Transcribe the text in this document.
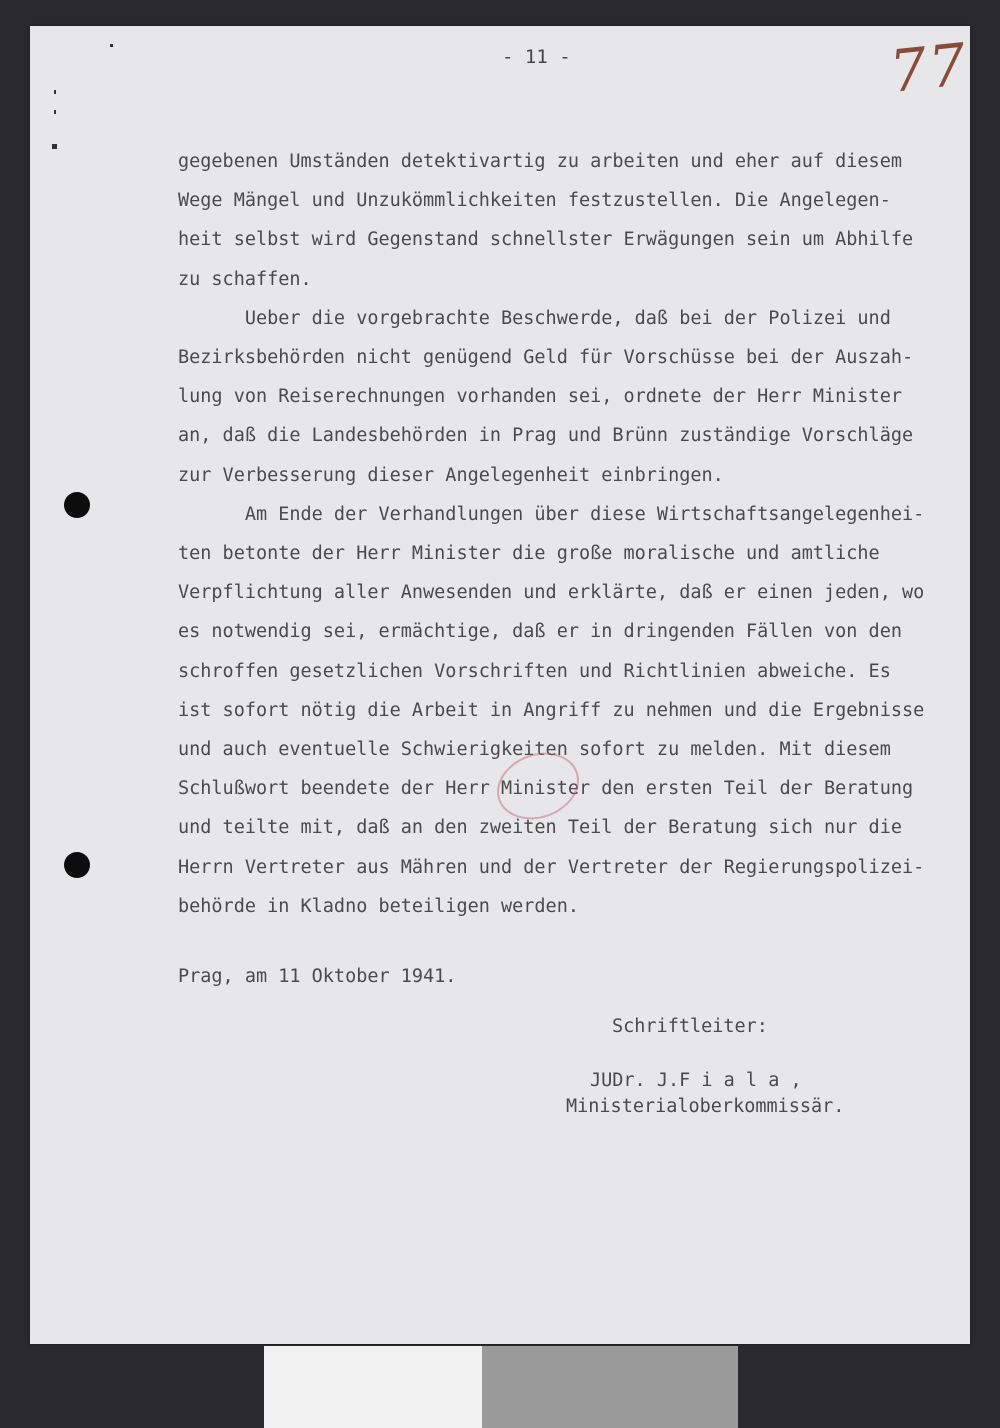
- 11 -	77
gegebenen Umständen detektivartig zu arbeiten und eher auf diesem
Wege Mängel und Unzukömmlichkeiten festzustellen. Die Angelegen-
heit selbst wird Gegenstand schnellster Erwägungen sein um Abhilfe
zu schaffen.
Ueber die vorgebrachte Beschwerde, daß bei der Polizei und
Bezirksbehörden nicht genügend Geld für Vorschüsse bei der Auszah-
lung von Reiserechnungen vorhanden sei, ordnete der Herr Minister
an, daß die Landesbehörden in Prag und Brünn zuständige Vorschläge
zur Verbesserung dieser Angelegenheit einbringen.
Am Ende der Verhandlungen über diese Wirtschaftsangelegenhei-
ten betonte der Herr Minister die große moralische und amtliche
Verpflichtung aller Anwesenden und erklärte, daß er einen jeden, wo
es notwendig sei, ermächtige, daß er in dringenden Fällen von den
schroffen gesetzlichen Vorschriften und Richtlinien abweiche. Es
ist sofort nötig die Arbeit in Angriff zu nehmen und die Ergebnisse
und auch eventuelle Schwierigkeiten sofort zu melden. Mit diesem
Schlußwort beendete der Herr Minister den ersten Teil der Beratung
und teilte mit, daß an den zweiten Teil der Beratung sich nur die
Herrn Vertreter aus Mähren und der Vertreter der Regierungspolizei-
behörde in Kladno beteiligen werden.
Prag, am 11 Oktober 1941.
Schriftleiter:
JUDr. J.F i a l a ,
Ministerialoberkommissär.
